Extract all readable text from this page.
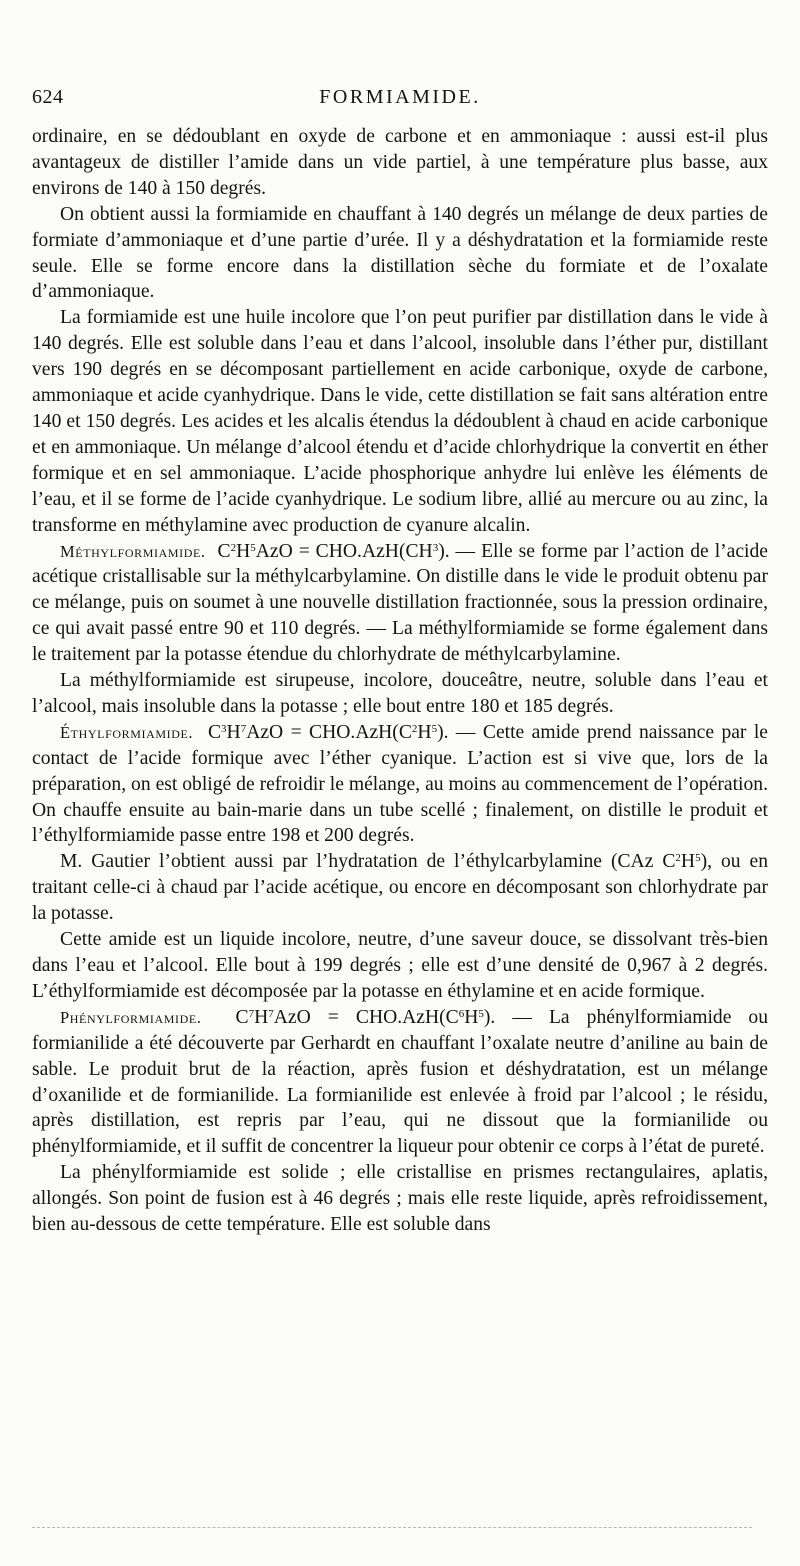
624	FORMIAMIDE.

ordinaire, en se dédoublant en oxyde de carbone et en ammoniaque : aussi est-il plus avantageux de distiller l’amide dans un vide partiel, à une température plus basse, aux environs de 140 à 150 degrés.

On obtient aussi la formiamide en chauffant à 140 degrés un mélange de deux parties de formiate d’ammoniaque et d’une partie d’urée. Il y a déshydratation et la formiamide reste seule. Elle se forme encore dans la distillation sèche du formiate et de l’oxalate d’ammoniaque.

La formiamide est une huile incolore que l’on peut purifier par distillation dans le vide à 140 degrés. Elle est soluble dans l’eau et dans l’alcool, insoluble dans l’éther pur, distillant vers 190 degrés en se décomposant partiellement en acide carbonique, oxyde de carbone, ammoniaque et acide cyanhydrique. Dans le vide, cette distillation se fait sans altération entre 140 et 150 degrés. Les acides et les alcalis étendus la dédoublent à chaud en acide carbonique et en ammoniaque. Un mélange d’alcool étendu et d’acide chlorhydrique la convertit en éther formique et en sel ammoniaque. L’acide phosphorique anhydre lui enlève les éléments de l’eau, et il se forme de l’acide cyanhydrique. Le sodium libre, allié au mercure ou au zinc, la transforme en méthylamine avec production de cyanure alcalin.

Méthylformiamide. $C^2H^5AzO = CHO.AzH(CH^3)$. — Elle se forme par l’action de l’acide acétique cristallisable sur la méthylcarbylamine. On distille dans le vide le produit obtenu par ce mélange, puis on soumet à une nouvelle distillation fractionnée, sous la pression ordinaire, ce qui avait passé entre 90 et 110 degrés. — La méthylformiamide se forme également dans le traitement par la potasse étendue du chlorhydrate de méthylcarbylamine.

La méthylformiamide est sirupeuse, incolore, douceâtre, neutre, soluble dans l’eau et l’alcool, mais insoluble dans la potasse ; elle bout entre 180 et 185 degrés.

Éthylformiamide. $C^3H^7AzO = CHO.AzH(C^2H^5)$. — Cette amide prend naissance par le contact de l’acide formique avec l’éther cyanique. L’action est si vive que, lors de la préparation, on est obligé de refroidir le mélange, au moins au commencement de l’opération. On chauffe ensuite au bain-marie dans un tube scellé ; finalement, on distille le produit et l’éthylformiamide passe entre 198 et 200 degrés.

M. Gautier l’obtient aussi par l’hydratation de l’éthylcarbylamine (CAz $C^2H^5$), ou en traitant celle-ci à chaud par l’acide acétique, ou encore en décomposant son chlorhydrate par la potasse.

Cette amide est un liquide incolore, neutre, d’une saveur douce, se dissolvant très-bien dans l’eau et l’alcool. Elle bout à 199 degrés ; elle est d’une densité de 0,967 à 2 degrés. L’éthylformiamide est décomposée par la potasse en éthylamine et en acide formique.

Phénylformiamide. $C^7H^7AzO = CHO.AzH(C^6H^5)$. — La phénylformiamide ou formianilide a été découverte par Gerhardt en chauffant l’oxalate neutre d’aniline au bain de sable. Le produit brut de la réaction, après fusion et déshydratation, est un mélange d’oxanilide et de formianilide. La formianilide est enlevée à froid par l’alcool ; le résidu, après distillation, est repris par l’eau, qui ne dissout que la formianilide ou phénylformiamide, et il suffit de concentrer la liqueur pour obtenir ce corps à l’état de pureté.

La phénylformiamide est solide ; elle cristallise en prismes rectangulaires, aplatis, allongés. Son point de fusion est à 46 degrés ; mais elle reste liquide, après refroidissement, bien au-dessous de cette température. Elle est soluble dans
